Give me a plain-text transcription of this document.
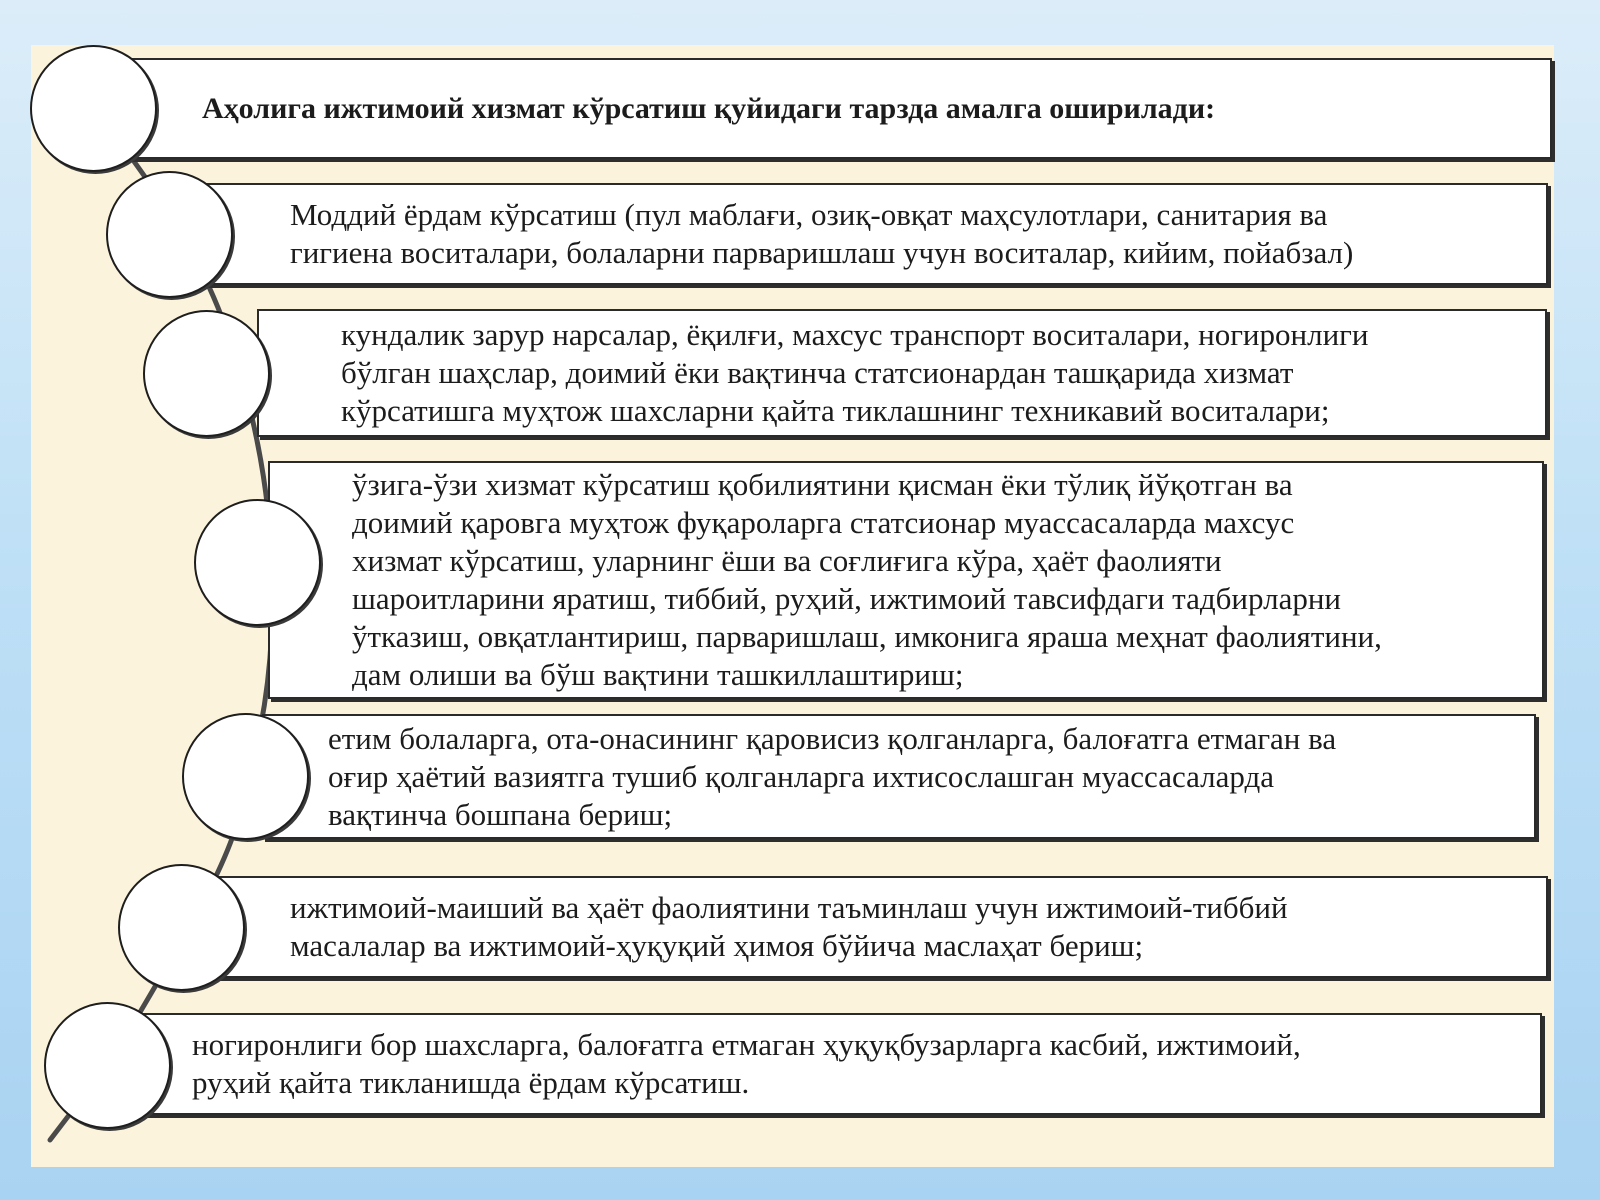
Аҳолига ижтимоий хизмат кўрсатиш қуйидаги тарзда амалга оширилади:
Моддий ёрдам кўрсатиш (пул маблағи, озиқ-овқат маҳсулотлари, санитария ва
гигиена воситалари, болаларни парваришлаш учун воситалар, кийим, пойабзал)
кундалик зарур нарсалар, ёқилғи, махсус транспорт воситалари, ногиронлиги
бўлган шаҳслар, доимий ёки вақтинча статсионардан ташқарида хизмат
кўрсатишга муҳтож шахсларни қайта тиклашнинг техникавий воситалари;
ўзига-ўзи хизмат кўрсатиш қобилиятини қисман ёки тўлиқ йўқотган ва
доимий қаровга муҳтож фуқароларга статсионар муассасаларда махсус
хизмат кўрсатиш, уларнинг ёши ва соғлиғига кўра, ҳаёт фаолияти
шароитларини яратиш, тиббий, руҳий, ижтимоий тавсифдаги тадбирларни
ўтказиш, овқатлантириш, парваришлаш, имконига яраша меҳнат фаолиятини,
дам олиши ва бўш вақтини ташкиллаштириш;
етим болаларга, ота-онасининг қаровисиз қолганларга, балоғатга етмаган ва
оғир ҳаётий вазиятга тушиб қолганларга ихтисослашган муассасаларда
вақтинча бошпана бериш;
ижтимоий-маиший ва ҳаёт фаолиятини таъминлаш учун ижтимоий-тиббий
масалалар ва ижтимоий-ҳуқуқий ҳимоя бўйича маслаҳат бериш;
ногиронлиги бор шахсларга, балоғатга етмаган ҳуқуқбузарларга касбий, ижтимоий,
руҳий қайта тикланишда ёрдам кўрсатиш.
